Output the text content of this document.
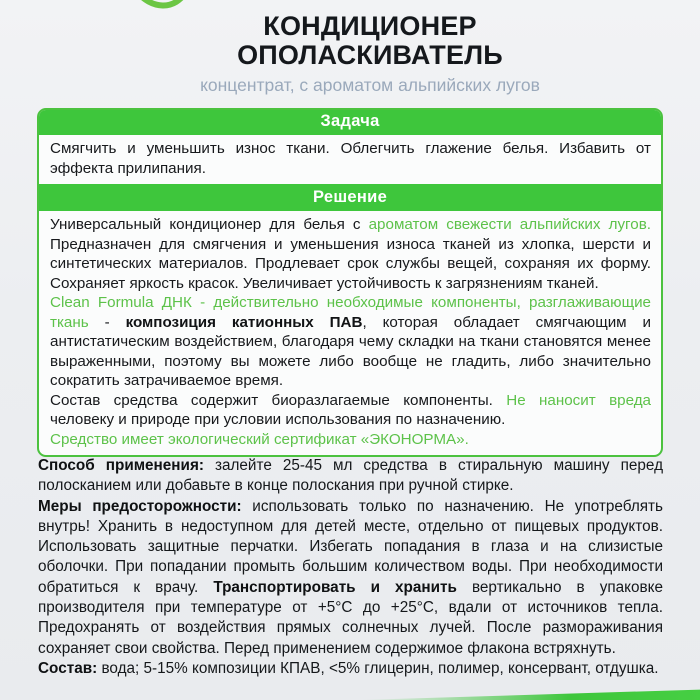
КОНДИЦИОНЕР
ОПОЛАСКИВАТЕЛЬ
концентрат, с ароматом альпийских лугов
Задача

Смягчить и уменьшить износ ткани. Облегчить глажение белья. Избавить от эффекта прилипания.

Решение

Универсальный кондиционер для белья с ароматом свежести альпийских лугов. Предназначен для смягчения и уменьшения износа тканей из хлопка, шерсти и синтетических материалов. Продлевает срок службы вещей, сохраняя их форму. Сохраняет яркость красок. Увеличивает устойчивость к загрязнениям тканей.

Clean Formula ДНК - действительно необходимые компоненты, разглаживающие ткань - композиция катионных ПАВ, которая обладает смягчающим и антистатическим воздействием, благодаря чему складки на ткани становятся менее выраженными, поэтому вы можете либо вообще не гладить, либо значительно сократить затрачиваемое время.

Состав средства содержит биоразлагаемые компоненты. Не наносит вреда человеку и природе при условии использования по назначению.

Средство имеет экологический сертификат «ЭКОНОРМА».

Способ применения: залейте 25-45 мл средства в стиральную машину перед полосканием или добавьте в конце полоскания при ручной стирке.

Меры предосторожности: использовать только по назначению. Не употреблять внутрь! Хранить в недоступном для детей месте, отдельно от пищевых продуктов. Использовать защитные перчатки. Избегать попадания в глаза и на слизистые оболочки. При попадании промыть большим количеством воды. При необходимости обратиться к врачу. Транспортировать и хранить вертикально в упаковке производителя при температуре от +5°C до +25°C, вдали от источников тепла. Предохранять от воздействия прямых солнечных лучей. После размораживания сохраняет свои свойства. Перед применением содержимое флакона встряхнуть.

Состав: вода; 5-15% композиции КПАВ, <5% глицерин, полимер, консервант, отдушка.
